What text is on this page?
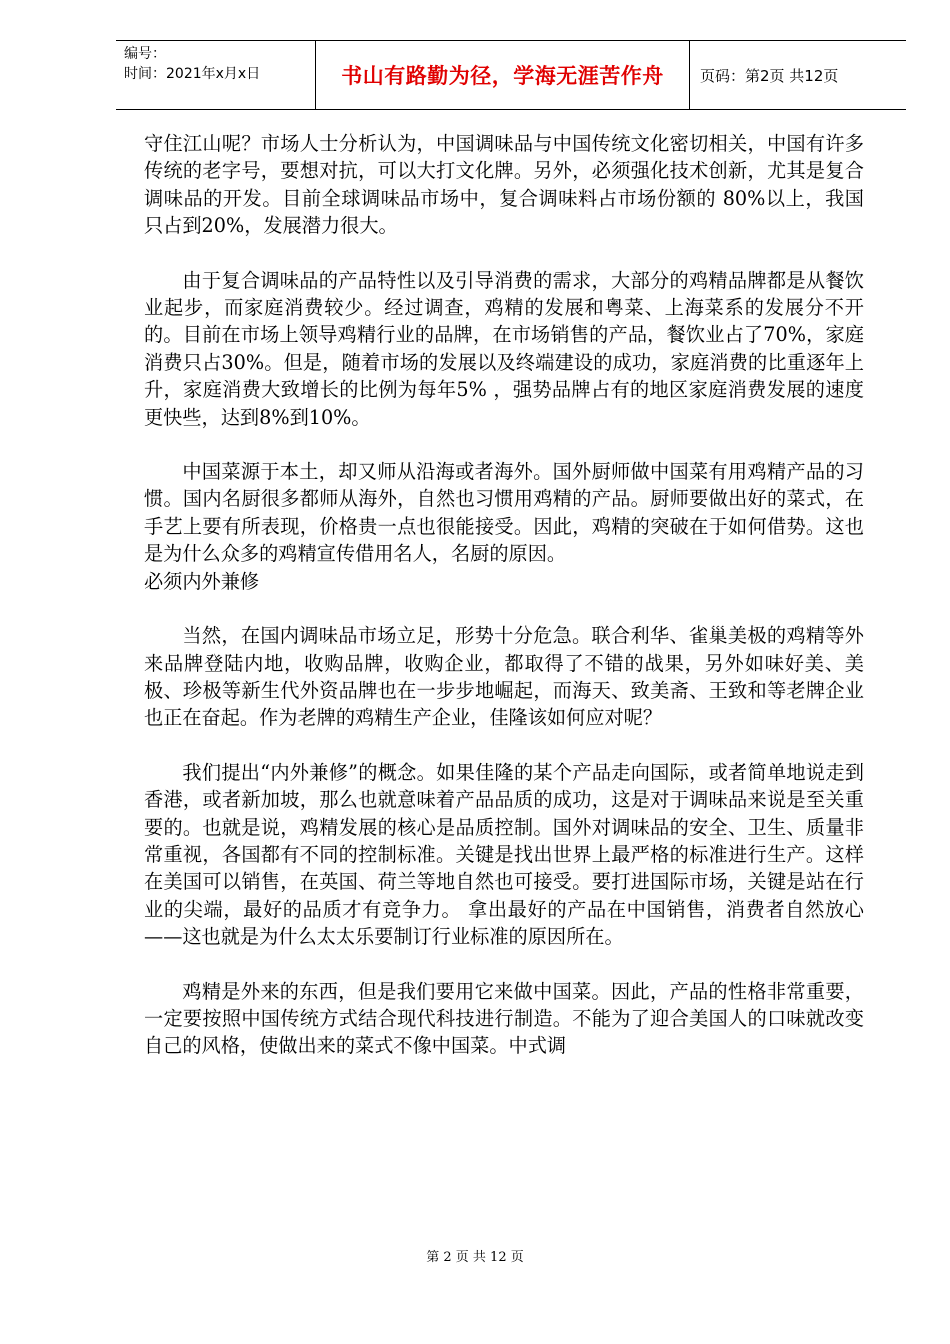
编号：
时间：2021年x月x日	书山有路勤为径，学海无涯苦作舟 页码：第2页 共12页

守住江山呢？市场人士分析认为，中国调味品与中国传统文化密切相关，中国有许多传统的老字号，要想对抗，可以大打文化牌。另外，必须强化技术创新，尤其是复合调味品的开发。目前全球调味品市场中，复合调味料占市场份额的 80%以上，我国只占到20%，发展潜力很大。

由于复合调味品的产品特性以及引导消费的需求，大部分的鸡精品牌都是从餐饮业起步，而家庭消费较少。经过调查，鸡精的发展和粤菜、上海菜系的发展分不开的。目前在市场上领导鸡精行业的品牌，在市场销售的产品，餐饮业占了70%，家庭消费只占30%。但是，随着市场的发展以及终端建设的成功，家庭消费的比重逐年上升，家庭消费大致增长的比例为每年5% ，强势品牌占有的地区家庭消费发展的速度更快些，达到8%到10%。

中国菜源于本土，却又师从沿海或者海外。国外厨师做中国菜有用鸡精产品的习惯。国内名厨很多都师从海外，自然也习惯用鸡精的产品。厨师要做出好的菜式，在手艺上要有所表现，价格贵一点也很能接受。因此，鸡精的突破在于如何借势。这也是为什么众多的鸡精宣传借用名人，名厨的原因。

必须内外兼修

当然，在国内调味品市场立足，形势十分危急。联合利华、雀巢美极的鸡精等外来品牌登陆内地，收购品牌，收购企业，都取得了不错的战果，另外如味好美、美极、珍极等新生代外资品牌也在一步步地崛起，而海天、致美斋、王致和等老牌企业也正在奋起。作为老牌的鸡精生产企业，佳隆该如何应对呢？

我们提出“内外兼修”的概念。如果佳隆的某个产品走向国际，或者简单地说走到香港，或者新加坡，那么也就意味着产品品质的成功，这是对于调味品来说是至关重要的。也就是说，鸡精发展的核心是品质控制。国外对调味品的安全、卫生、质量非常重视，各国都有不同的控制标准。关键是找出世界上最严格的标准进行生产。这样在美国可以销售，在英国、荷兰等地自然也可接受。要打进国际市场，关键是站在行业的尖端，最好的品质才有竞争力。 拿出最好的产品在中国销售，消费者自然放心——这也就是为什么太太乐要制订行业标准的原因所在。

鸡精是外来的东西，但是我们要用它来做中国菜。因此，产品的性格非常重要，一定要按照中国传统方式结合现代科技进行制造。不能为了迎合美国人的口味就改变自己的风格，使做出来的菜式不像中国菜。中式调

第 2 页 共 12 页
